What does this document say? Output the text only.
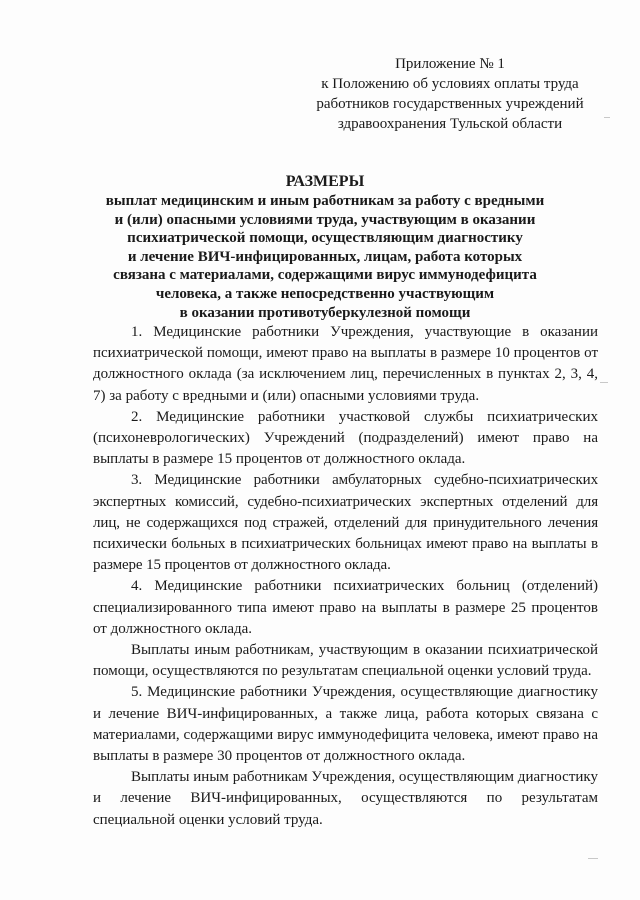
Приложение № 1
к Положению об условиях оплаты труда
работников государственных учреждений
здравоохранения Тульской области
РАЗМЕРЫ
выплат медицинским и иным работникам за работу с вредными
и (или) опасными условиями труда, участвующим в оказании
психиатрической помощи, осуществляющим диагностику
и лечение ВИЧ-инфицированных, лицам, работа которых
связана с материалами, содержащими вирус иммунодефицита
человека, а также непосредственно участвующим
в оказании противотуберкулезной помощи

1. Медицинские работники Учреждения, участвующие в оказании психиатрической помощи, имеют право на выплаты в размере 10 процентов от должностного оклада (за исключением лиц, перечисленных в пунктах 2, 3, 4, 7) за работу с вредными и (или) опасными условиями труда.

2. Медицинские работники участковой службы психиатрических (психоневрологических) Учреждений (подразделений) имеют право на выплаты в размере 15 процентов от должностного оклада.

3. Медицинские работники амбулаторных судебно-психиатрических экспертных комиссий, судебно-психиатрических экспертных отделений для лиц, не содержащихся под стражей, отделений для принудительного лечения психически больных в психиатрических больницах имеют право на выплаты в размере 15 процентов от должностного оклада.

4. Медицинские работники психиатрических больниц (отделений) специализированного типа имеют право на выплаты в размере 25 процентов от должностного оклада.

Выплаты иным работникам, участвующим в оказании психиатрической помощи, осуществляются по результатам специальной оценки условий труда.

5. Медицинские работники Учреждения, осуществляющие диагностику и лечение ВИЧ-инфицированных, а также лица, работа которых связана с материалами, содержащими вирус иммунодефицита человека, имеют право на выплаты в размере 30 процентов от должностного оклада.

Выплаты иным работникам Учреждения, осуществляющим диагностику и лечение ВИЧ-инфицированных, осуществляются по результатам специальной оценки условий труда.
